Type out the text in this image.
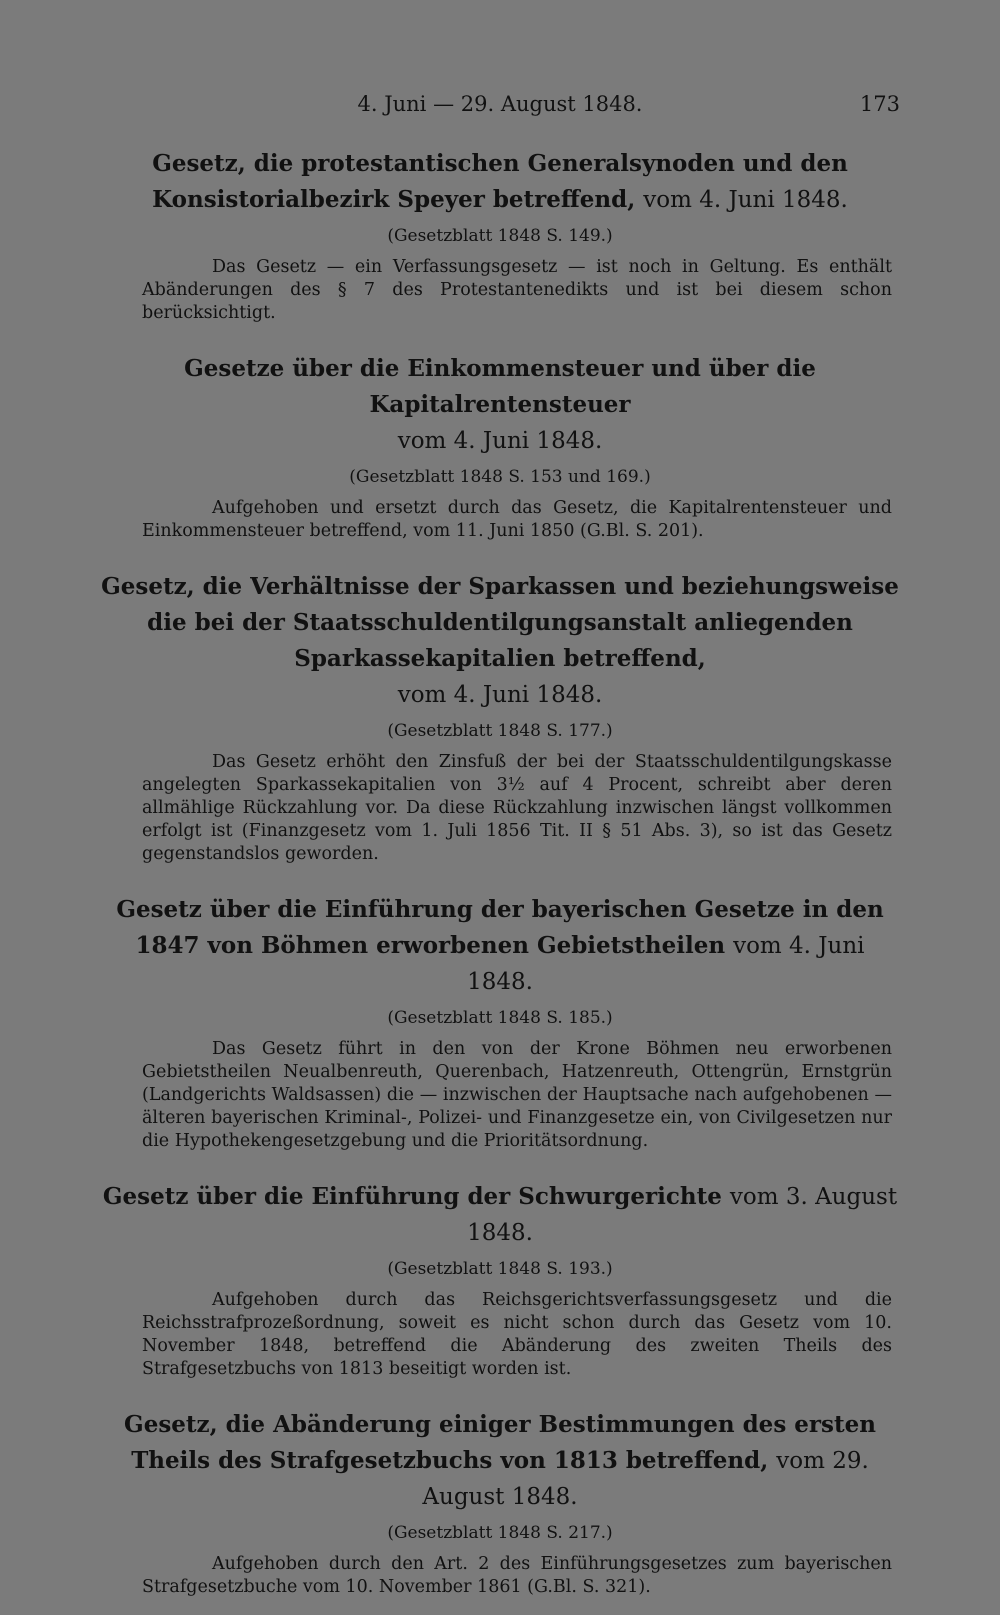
4. Juni — 29. August 1848.	173
Gesetz, die protestantischen Generalsynoden und den Konsistorialbezirk Speyer betreffend, vom 4. Juni 1848.
(Gesetzblatt 1848 S. 149.)
Das Gesetz — ein Verfassungsgesetz — ist noch in Geltung. Es enthält Abänderungen des § 7 des Protestantenedikts und ist bei diesem schon berücksichtigt.
Gesetze über die Einkommensteuer und über die Kapitalrentensteuer
vom 4. Juni 1848.
(Gesetzblatt 1848 S. 153 und 169.)
Aufgehoben und ersetzt durch das Gesetz, die Kapitalrentensteuer und Einkommensteuer betreffend, vom 11. Juni 1850 (G.Bl. S. 201).
Gesetz, die Verhältnisse der Sparkassen und beziehungsweise die bei der Staatsschuldentilgungsanstalt anliegenden Sparkassekapitalien betreffend,
vom 4. Juni 1848.
(Gesetzblatt 1848 S. 177.)
Das Gesetz erhöht den Zinsfuß der bei der Staatsschuldentilgungskasse angelegten Sparkassekapitalien von 3½ auf 4 Procent, schreibt aber deren allmählige Rückzahlung vor. Da diese Rückzahlung inzwischen längst vollkommen erfolgt ist (Finanzgesetz vom 1. Juli 1856 Tit. II § 51 Abs. 3), so ist das Gesetz gegenstandslos geworden.
Gesetz über die Einführung der bayerischen Gesetze in den 1847 von Böhmen erworbenen Gebietstheilen vom 4. Juni 1848.
(Gesetzblatt 1848 S. 185.)
Das Gesetz führt in den von der Krone Böhmen neu erworbenen Gebietstheilen Neualbenreuth, Querenbach, Hatzenreuth, Ottengrün, Ernstgrün (Landgerichts Waldsassen) die — inzwischen der Hauptsache nach aufgehobenen — älteren bayerischen Kriminal-, Polizei- und Finanzgesetze ein, von Civilgesetzen nur die Hypothekengesetzgebung und die Prioritätsordnung.
Gesetz über die Einführung der Schwurgerichte vom 3. August 1848.
(Gesetzblatt 1848 S. 193.)
Aufgehoben durch das Reichsgerichtsverfassungsgesetz und die Reichsstrafprozeßordnung, soweit es nicht schon durch das Gesetz vom 10. November 1848, betreffend die Abänderung des zweiten Theils des Strafgesetzbuchs von 1813 beseitigt worden ist.
Gesetz, die Abänderung einiger Bestimmungen des ersten Theils des Strafgesetzbuchs von 1813 betreffend, vom 29. August 1848.
(Gesetzblatt 1848 S. 217.)
Aufgehoben durch den Art. 2 des Einführungsgesetzes zum bayerischen Strafgesetzbuche vom 10. November 1861 (G.Bl. S. 321).
